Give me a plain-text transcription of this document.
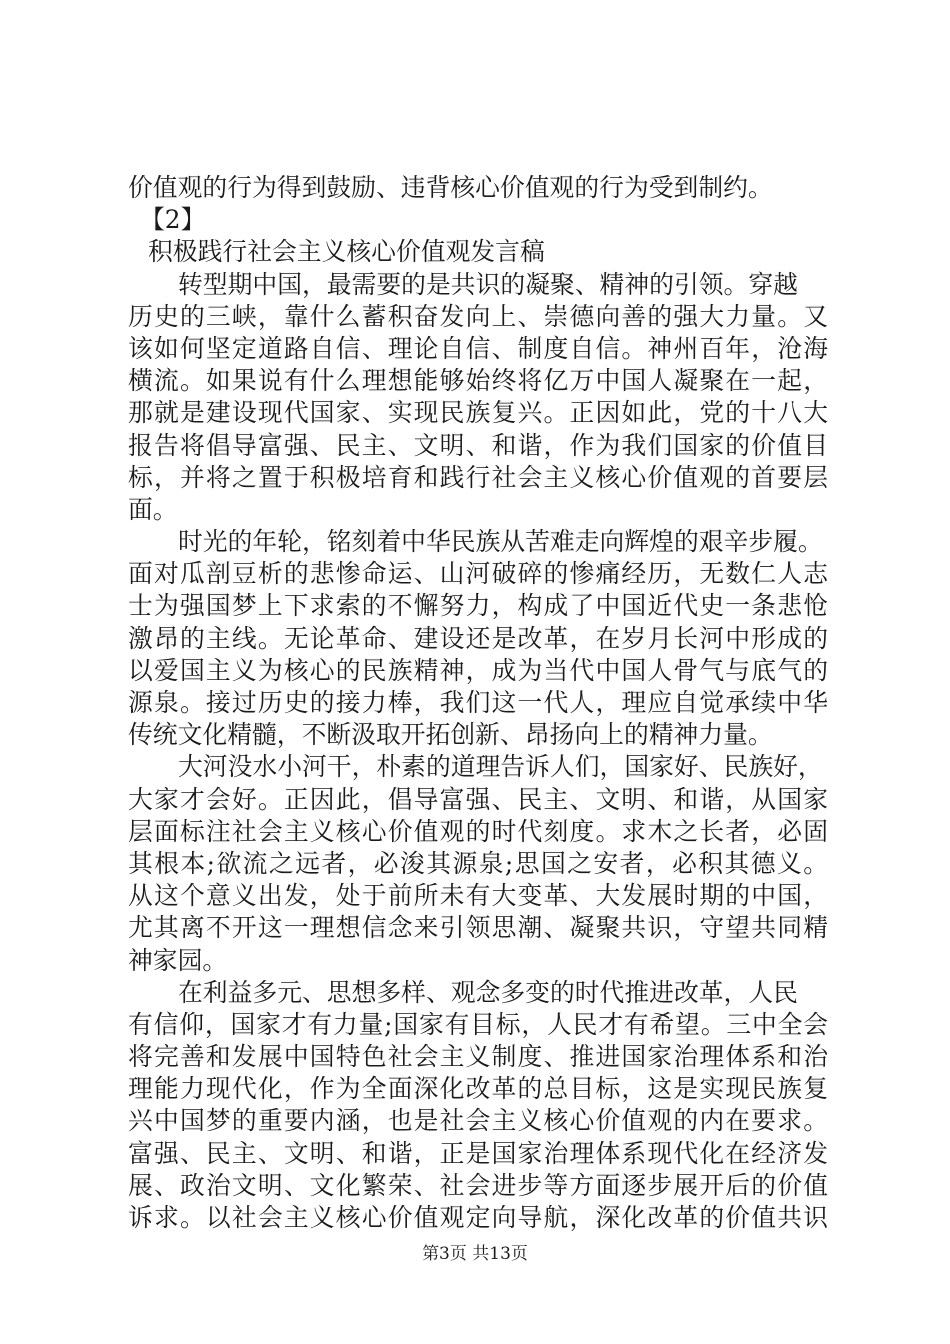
价值观的行为得到鼓励、违背核心价值观的行为受到制约。
【2】
积极践行社会主义核心价值观发言稿
转型期中国，最需要的是共识的凝聚、精神的引领。穿越
历史的三峡，靠什么蓄积奋发向上、崇德向善的强大力量。又
该如何坚定道路自信、理论自信、制度自信。神州百年，沧海
横流。如果说有什么理想能够始终将亿万中国人凝聚在一起，
那就是建设现代国家、实现民族复兴。正因如此，党的十八大
报告将倡导富强、民主、文明、和谐，作为我们国家的价值目
标，并将之置于积极培育和践行社会主义核心价值观的首要层
面。
时光的年轮，铭刻着中华民族从苦难走向辉煌的艰辛步履。
面对瓜剖豆析的悲惨命运、山河破碎的惨痛经历，无数仁人志
士为强国梦上下求索的不懈努力，构成了中国近代史一条悲怆
激昂的主线。无论革命、建设还是改革，在岁月长河中形成的
以爱国主义为核心的民族精神，成为当代中国人骨气与底气的
源泉。接过历史的接力棒，我们这一代人，理应自觉承续中华
传统文化精髓，不断汲取开拓创新、昂扬向上的精神力量。
大河没水小河干，朴素的道理告诉人们，国家好、民族好，
大家才会好。正因此，倡导富强、民主、文明、和谐，从国家
层面标注社会主义核心价值观的时代刻度。求木之长者，必固
其根本;欲流之远者，必浚其源泉;思国之安者，必积其德义。
从这个意义出发，处于前所未有大变革、大发展时期的中国，
尤其离不开这一理想信念来引领思潮、凝聚共识，守望共同精
神家园。
在利益多元、思想多样、观念多变的时代推进改革，人民
有信仰，国家才有力量;国家有目标，人民才有希望。三中全会
将完善和发展中国特色社会主义制度、推进国家治理体系和治
理能力现代化，作为全面深化改革的总目标，这是实现民族复
兴中国梦的重要内涵，也是社会主义核心价值观的内在要求。
富强、民主、文明、和谐，正是国家治理体系现代化在经济发
展、政治文明、文化繁荣、社会进步等方面逐步展开后的价值
诉求。以社会主义核心价值观定向导航，深化改革的价值共识
第3页 共13页
